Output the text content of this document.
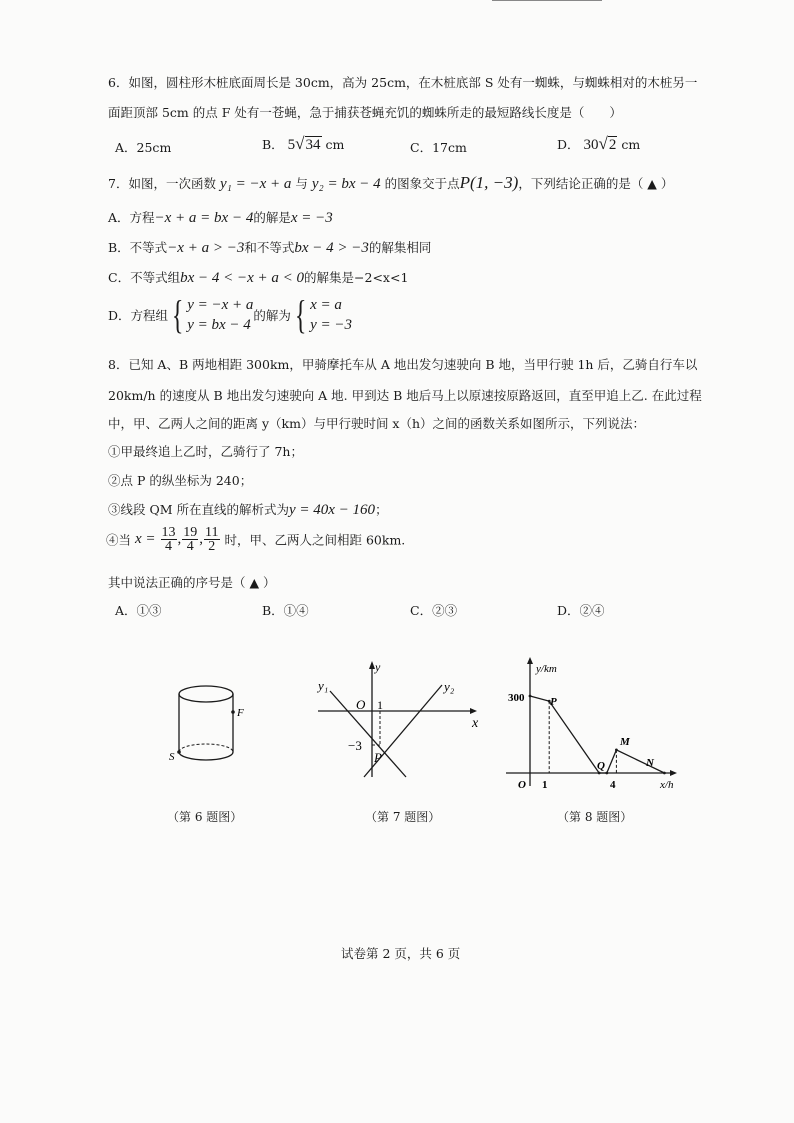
6．如图，圆柱形木桩底面周长是 30cm，高为 25cm，在木桩底部 S 处有一蜘蛛，与蜘蛛相对的木桩另一
面距顶部 5cm 的点 F 处有一苍蝇，急于捕获苍蝇充饥的蜘蛛所走的最短路线长度是（　　）
A．25cm	B． 5√34 cm	C．17cm	D． 30√2 cm
7．如图，一次函数 y₁ = −x + a 与 y₂ = bx − 4 的图象交于点P(1, −3)，下列结论正确的是（ ▲ ）
A．方程−x + a = bx − 4的解是x = −3
B．不等式−x + a > −3和不等式bx − 4 > −3的解集相同
C．不等式组bx − 4 < −x + a < 0的解集是−2<x<1
D．方程组{ y = −x + a
y = bx − 4
的解为{ x = a
y = −3
8．已知 A、B 两地相距 300km，甲骑摩托车从 A 地出发匀速驶向 B 地，当甲行驶 1h 后，乙骑自行车以
20km/h 的速度从 B 地出发匀速驶向 A 地. 甲到达 B 地后马上以原速按原路返回，直至甲追上乙. 在此过程
中，甲、乙两人之间的距离 y（km）与甲行驶时间 x（h）之间的函数关系如图所示，下列说法：
①甲最终追上乙时，乙骑行了 7h；
②点 P 的纵坐标为 240；
③线段 QM 所在直线的解析式为y = 40x − 160；
④当 $x = \frac{13}{4}$ , $\frac{19}{4}$ , $\frac{11}{2}$ 时，甲、乙两人之间相距 60km.
其中说法正确的序号是（ ▲ ）
A．①③	B．①④	C．②③	D．②④
F
S
（第 6 题图）
y
x
y₁	y₂
O 1
−3
P
（第 7 题图）
y/km
x/h
300
O 1	4
P
Q
M
N
（第 8 题图）
试卷第 2 页，共 6 页
